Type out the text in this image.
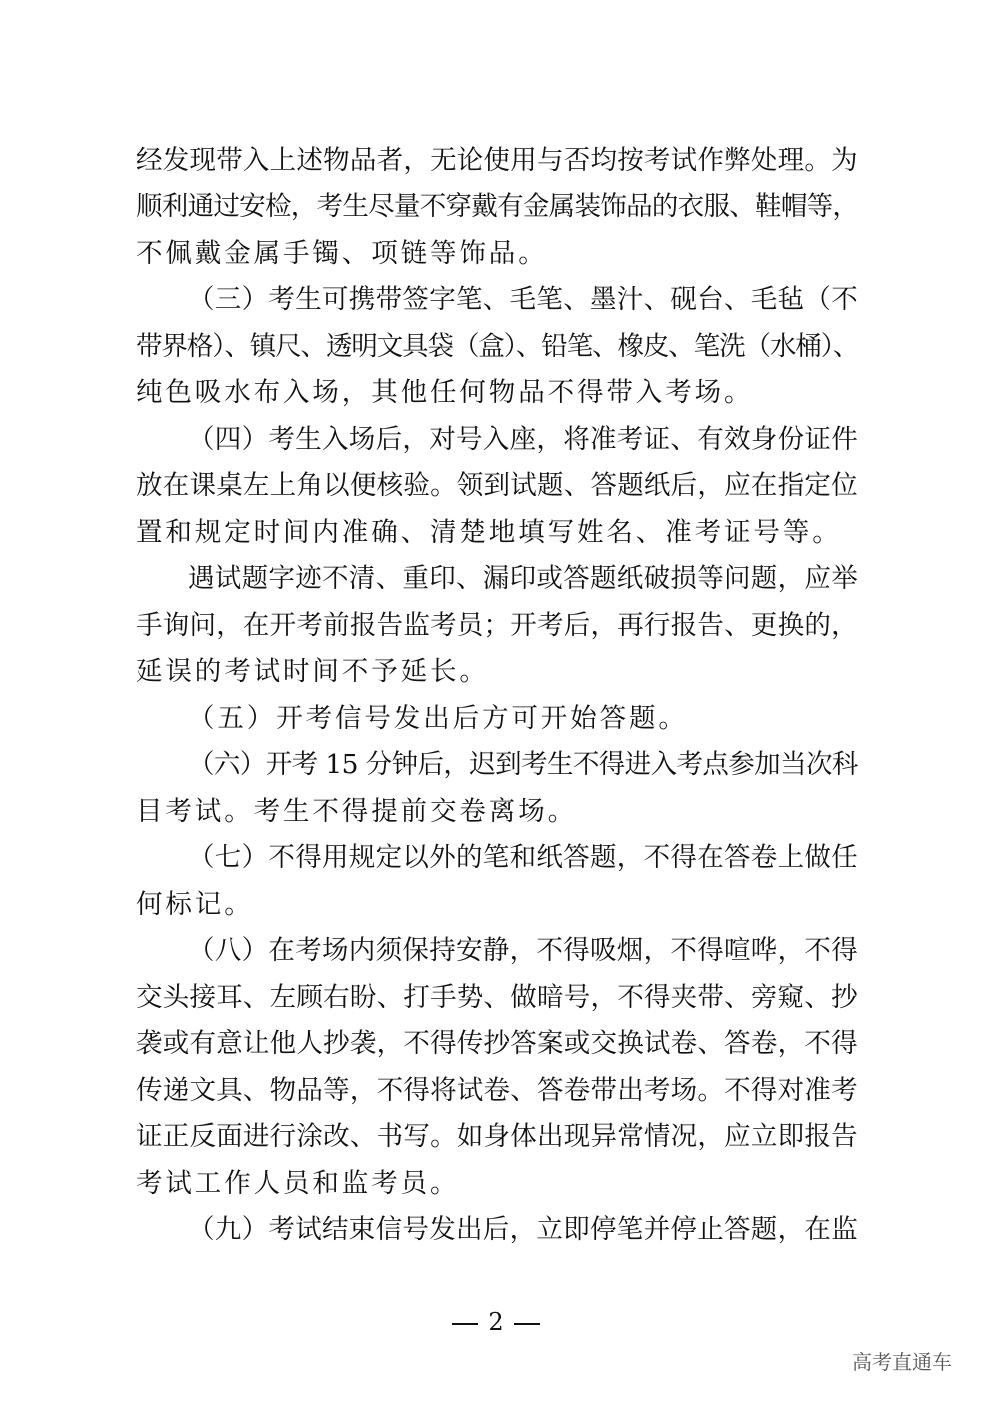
经发现带入上述物品者，无论使用与否均按考试作弊处理。为
顺利通过安检，考生尽量不穿戴有金属装饰品的衣服、鞋帽等，
不佩戴金属手镯、项链等饰品。
（三）考生可携带签字笔、毛笔、墨汁、砚台、毛毡（不
带界格）、镇尺、透明文具袋（盒）、铅笔、橡皮、笔洗（水桶）、
纯色吸水布入场，其他任何物品不得带入考场。
（四）考生入场后，对号入座，将准考证、有效身份证件
放在课桌左上角以便核验。领到试题、答题纸后，应在指定位
置和规定时间内准确、清楚地填写姓名、准考证号等。
遇试题字迹不清、重印、漏印或答题纸破损等问题，应举
手询问，在开考前报告监考员；开考后，再行报告、更换的，
延误的考试时间不予延长。
（五）开考信号发出后方可开始答题。
（六）开考 15 分钟后，迟到考生不得进入考点参加当次科
目考试。考生不得提前交卷离场。
（七）不得用规定以外的笔和纸答题，不得在答卷上做任
何标记。
（八）在考场内须保持安静，不得吸烟，不得喧哗，不得
交头接耳、左顾右盼、打手势、做暗号，不得夹带、旁窥、抄
袭或有意让他人抄袭，不得传抄答案或交换试卷、答卷，不得
传递文具、物品等，不得将试卷、答卷带出考场。不得对准考
证正反面进行涂改、书写。如身体出现异常情况，应立即报告
考试工作人员和监考员。
（九）考试结束信号发出后，立即停笔并停止答题，在监
2
高考直通车
